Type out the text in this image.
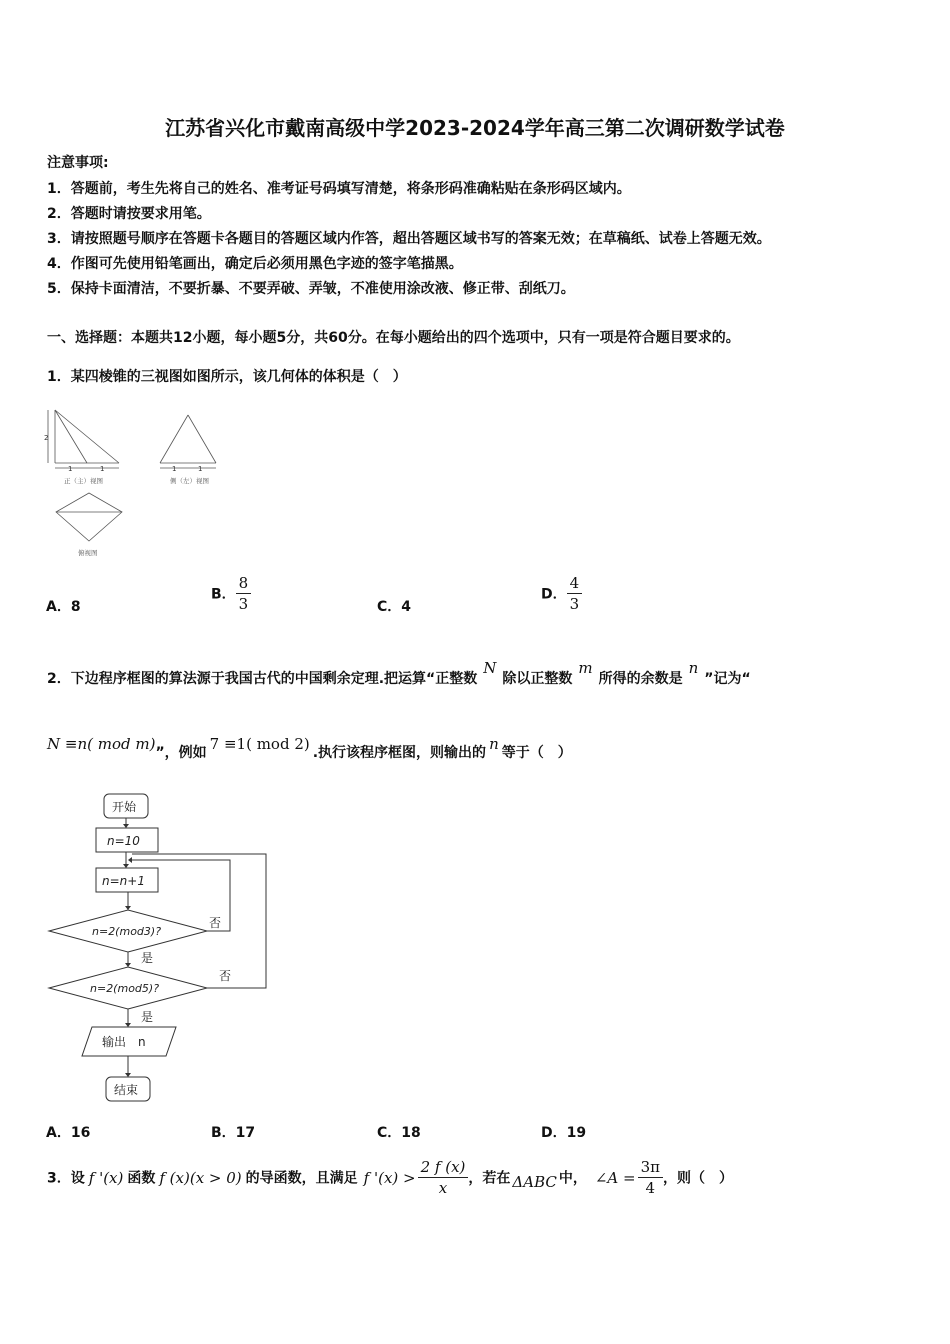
江苏省兴化市戴南高级中学2023-2024学年高三第二次调研数学试卷
注意事项:
1．答题前，考生先将自己的姓名、准考证号码填写清楚，将条形码准确粘贴在条形码区域内。
2．答题时请按要求用笔。
3．请按照题号顺序在答题卡各题目的答题区域内作答，超出答题区域书写的答案无效；在草稿纸、试卷上答题无效。
4．作图可先使用铅笔画出，确定后必须用黑色字迹的签字笔描黑。
5．保持卡面清洁，不要折暴、不要弄破、弄皱，不准使用涂改液、修正带、刮纸刀。
一、选择题：本题共12小题，每小题5分，共60分。在每小题给出的四个选项中，只有一项是符合题目要求的。
1．某四棱锥的三视图如图所示，该几何体的体积是（　）
2
1	1
正（主）视图
1	1
侧（左）视图
俯视图
A．8
B． $\frac{8}{3}$	C．4
D． $\frac{4}{3}$
2．下边程序框图的算法源于我国古代的中国剩余定理.把运算“正整数N除以正整数m所得的余数是n”记为“
N ≡n( mod m)”，例如 7 ≡1( mod 2) .执行该程序框图，则输出的 n 等于（　）
开始
n=10
n=n+1
n=2(mod3)?
n=2(mod5)?
是
是
否
否
输出　n
结束
A．16	B．17	C．18	D．19
3．设 f '(x) 函数 f (x)(x > 0) 的导函数，且满足 f '$(x) > \frac{2 f (x)}{x}$ ，若在 ΔABC 中， ∠A = $\frac{3\pi}{4}$ ，则（　）
